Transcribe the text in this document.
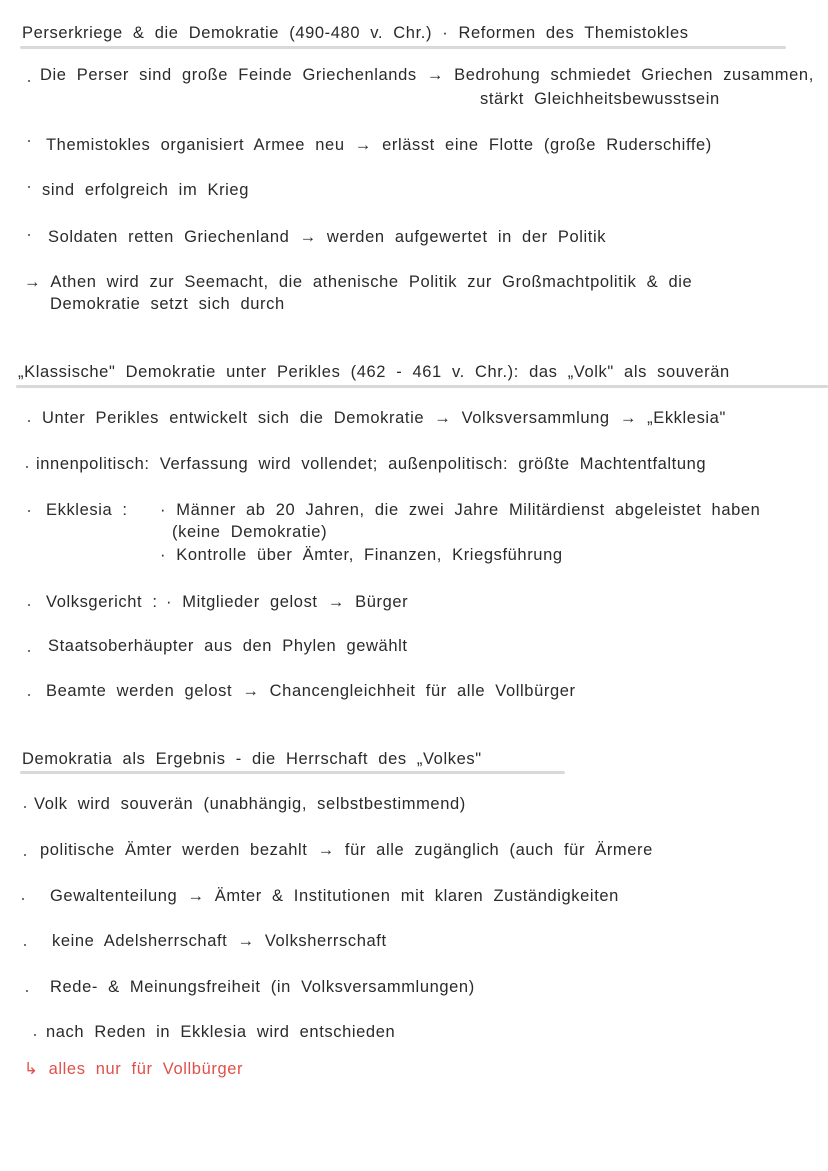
Perserkriege & die Demokratie (490-480 v. Chr.) · Reformen des Themistokles
Die Perser sind große Feinde Griechenlands → Bedrohung schmiedet Griechen zusammen,
stärkt Gleichheitsbewusstsein
Themistokles organisiert Armee neu → erlässt eine Flotte (große Ruderschiffe)
sind erfolgreich im Krieg
Soldaten retten Griechenland → werden aufgewertet in der Politik
→ Athen wird zur Seemacht, die athenische Politik zur Großmachtpolitik & die
Demokratie setzt sich durch
„Klassische" Demokratie unter Perikles (462 - 461 v. Chr.): das „Volk" als souverän
Unter Perikles entwickelt sich die Demokratie → Volksversammlung → „Ekklesia"
innenpolitisch: Verfassung wird vollendet; außenpolitisch: größte Machtentfaltung
Ekklesia : · Männer ab 20 Jahren, die zwei Jahre Militärdienst abgeleistet haben
(keine Demokratie)
· Kontrolle über Ämter, Finanzen, Kriegsführung
Volksgericht : · Mitglieder gelost → Bürger
Staatsoberhäupter aus den Phylen gewählt
Beamte werden gelost → Chancengleichheit für alle Vollbürger
Demokratia als Ergebnis - die Herrschaft des „Volkes"
Volk wird souverän (unabhängig, selbstbestimmend)
politische Ämter werden bezahlt → für alle zugänglich (auch für Ärmere
Gewaltenteilung → Ämter & Institutionen mit klaren Zuständigkeiten
keine Adelsherrschaft → Volksherrschaft
Rede- & Meinungsfreiheit (in Volksversammlungen)
nach Reden in Ekklesia wird entschieden
↳ alles nur für Vollbürger
